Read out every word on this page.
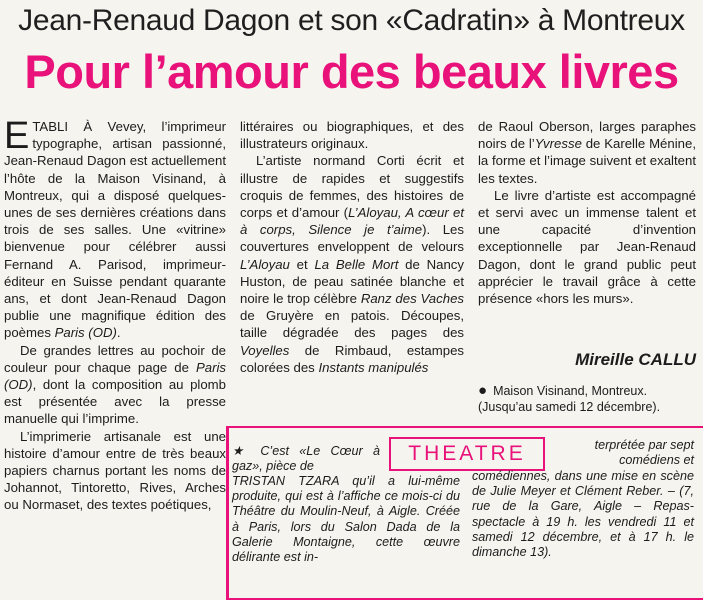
Jean-Renaud Dagon et son «Cadratin» à Montreux
Pour l’amour des beaux livres

ETABLI À Vevey, l’imprimeur typographe, artisan passionné, Jean-Renaud Dagon est actuellement l’hôte de la Maison Visinand, à Montreux, qui a disposé quelques-unes de ses dernières créations dans trois de ses salles. Une «vitrine» bienvenue pour célébrer aussi Fernand A. Parisod, imprimeur-éditeur en Suisse pendant quarante ans, et dont Jean-Renaud Dagon publie une magnifique édition des poèmes Paris (OD).

De grandes lettres au pochoir de couleur pour chaque page de Paris (OD), dont la composition au plomb est présentée avec la presse manuelle qui l’imprime.

L’imprimerie artisanale est une histoire d’amour entre de très beaux papiers charnus portant les noms de Johannot, Tintoretto, Rives, Arches ou Normaset, des textes poétiques,

littéraires ou biographiques, et des illustrateurs originaux.

L’artiste normand Corti écrit et illustre de rapides et suggestifs croquis de femmes, des histoires de corps et d’amour (L’Aloyau, A cœur et à corps, Silence je t’aime). Les couvertures enveloppent de velours L’Aloyau et La Belle Mort de Nancy Huston, de peau satinée blanche et noire le trop célèbre Ranz des Vaches de Gruyère en patois. Découpes, taille dégradée des pages des Voyelles de Rimbaud, estampes colorées des Instants manipulés

de Raoul Oberson, larges paraphes noirs de l’Yvresse de Karelle Ménine, la forme et l’image suivent et exaltent les textes.

Le livre d’artiste est accompagné et servi avec un immense talent et une capacité d’invention exceptionnelle par Jean-Renaud Dagon, dont le grand public peut apprécier le travail grâce à cette présence «hors les murs».

Mireille CALLU
● Maison Visinand, Montreux.
(Jusqu’au samedi 12 décembre).
THEATRE
★ C’est «Le Cœur à gaz», pièce de
terprétée par sept comédiens et
TRISTAN TZARA qu’il a lui-même produite, qui est à l’affiche ce mois-ci du Théâtre du Moulin-Neuf, à Aigle. Créée à Paris, lors du Salon Dada de la Galerie Montaigne, cette œuvre délirante est in-
comédiennes, dans une mise en scène de Julie Meyer et Clément Reber. – (7, rue de la Gare, Aigle – Repas-spectacle à 19 h. les vendredi 11 et samedi 12 décembre, et à 17 h. le dimanche 13).
